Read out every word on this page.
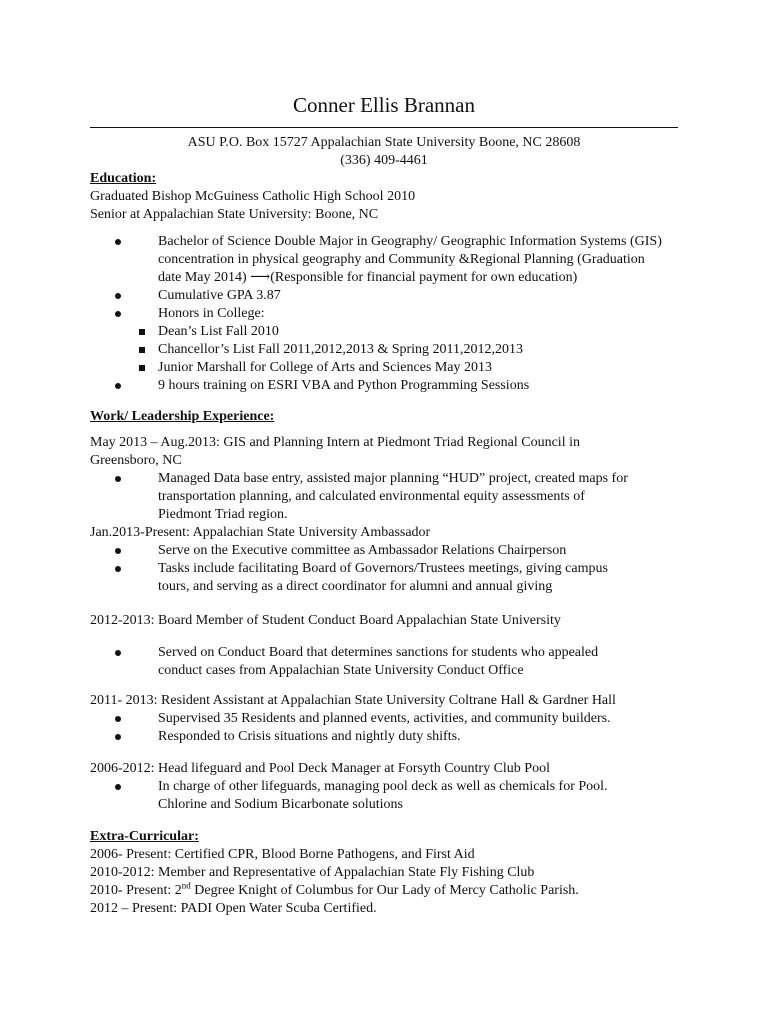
Conner Ellis Brannan
ASU P.O. Box 15727 Appalachian State University Boone, NC 28608
(336) 409-4461
Education:
Graduated Bishop McGuiness Catholic High School 2010
Senior at Appalachian State University: Boone, NC
Bachelor of Science Double Major in Geography/ Geographic Information Systems (GIS)
concentration in physical geography and Community &Regional Planning (Graduation
date May 2014) ⟶(Responsible for financial payment for own education)
Cumulative GPA 3.87
Honors in College:
Dean’s List Fall 2010
Chancellor’s List Fall 2011,2012,2013 & Spring 2011,2012,2013
Junior Marshall for College of Arts and Sciences May 2013
9 hours training on ESRI VBA and Python Programming Sessions
Work/ Leadership Experience:
May 2013 – Aug.2013: GIS and Planning Intern at Piedmont Triad Regional Council in
Greensboro, NC
Managed Data base entry, assisted major planning “HUD” project, created maps for
transportation planning, and calculated environmental equity assessments of
Piedmont Triad region.
Jan.2013-Present: Appalachian State University Ambassador
Serve on the Executive committee as Ambassador Relations Chairperson
Tasks include facilitating Board of Governors/Trustees meetings, giving campus
tours, and serving as a direct coordinator for alumni and annual giving
2012-2013: Board Member of Student Conduct Board Appalachian State University
Served on Conduct Board that determines sanctions for students who appealed
conduct cases from Appalachian State University Conduct Office
2011- 2013: Resident Assistant at Appalachian State University Coltrane Hall & Gardner Hall
Supervised 35 Residents and planned events, activities, and community builders.
Responded to Crisis situations and nightly duty shifts.
2006-2012: Head lifeguard and Pool Deck Manager at Forsyth Country Club Pool
In charge of other lifeguards, managing pool deck as well as chemicals for Pool.
Chlorine and Sodium Bicarbonate solutions
Extra-Curricular:
2006- Present: Certified CPR, Blood Borne Pathogens, and First Aid
2010-2012: Member and Representative of Appalachian State Fly Fishing Club
2010- Present: 2nd Degree Knight of Columbus for Our Lady of Mercy Catholic Parish.
2012 – Present: PADI Open Water Scuba Certified.
